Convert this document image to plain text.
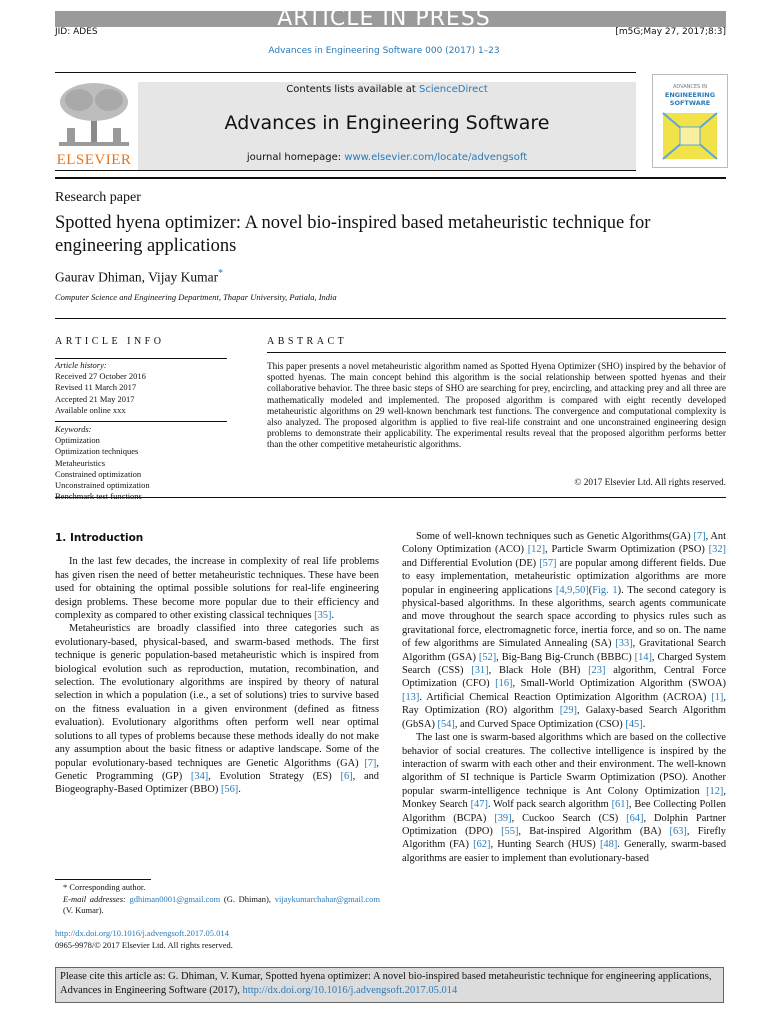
ARTICLE IN PRESS
JID: ADES	[m5G;May 27, 2017;8:3]
Advances in Engineering Software 000 (2017) 1–23
ELSEVIER
Contents lists available at ScienceDirect
Advances in Engineering Software
journal homepage: www.elsevier.com/locate/advengsoft
ADVANCES IN
ENGINEERING
SOFTWARE
Research paper
Spotted hyena optimizer: A novel bio-inspired based metaheuristic technique for engineering applications
Gaurav Dhiman, Vijay Kumar*
Computer Science and Engineering Department, Thapar University, Patiala, India
ARTICLE INFO
Article history:
Received 27 October 2016
Revised 11 March 2017
Accepted 21 May 2017
Available online xxx
Keywords:
Optimization
Optimization techniques
Metaheuristics
Constrained optimization
Unconstrained optimization

ABSTRACT
This paper presents a novel metaheuristic algorithm named as Spotted Hyena Optimizer (SHO) inspired by the behavior of spotted hyenas. The main concept behind this algorithm is the social relationship between spotted hyenas and their collaborative behavior. The three basic steps of SHO are searching for prey, encircling, and attacking prey and all three are mathematically modeled and implemented. The proposed algorithm is compared with eight recently developed metaheuristic algorithms on 29 well-known benchmark test functions. The convergence and computational complexity is also analyzed. The proposed algorithm is applied to five real-life constraint and one unconstrained engineering design problems to demonstrate their applicability. The experimental results reveal that the proposed algorithm performs better than the other competitive metaheuristic algorithms.
© 2017 Elsevier Ltd. All rights reserved.
1. Introduction

In the last few decades, the increase in complexity of real life problems has given risen the need of better metaheuristic techniques. These have been used for obtaining the optimal possible solutions for real-life engineering design problems. These become more popular due to their efficiency and complexity as compared to other existing classical techniques [35].

Metaheuristics are broadly classified into three categories such as evolutionary-based, physical-based, and swarm-based methods. The first technique is generic population-based metaheuristic which is inspired from biological evolution such as reproduction, mutation, recombination, and selection. The evolutionary algorithms are inspired by theory of natural selection in which a population (i.e., a set of solutions) tries to survive based on the fitness evaluation in a given environment (defined as fitness evaluation). Evolutionary algorithms often perform well near optimal solutions to all types of problems because these methods ideally do not make any assumption about the basic fitness or adaptive landscape. Some of the popular evolutionary-based techniques are Genetic Algorithms (GA) [7], Genetic Programming (GP) [34], Evolution Strategy (ES) [6], and Biogeography-Based Optimizer (BBO) [56].

Some of well-known techniques such as Genetic Algorithms(GA) [7], Ant Colony Optimization (ACO) [12], Particle Swarm Optimization (PSO) [32] and Differential Evolution (DE) [57] are popular among different fields. Due to easy implementation, metaheuristic optimization algorithms are more popular in engineering applications [4,9,50](Fig. 1). The second category is physical-based algorithms. In these algorithms, search agents communicate and move throughout the search space according to physics rules such as gravitational force, electromagnetic force, inertia force, and so on. The name of few algorithms are Simulated Annealing (SA) [33], Gravitational Search Algorithm (GSA) [52], Big-Bang Big-Crunch (BBBC) [14], Charged System Search (CSS) [31], Black Hole (BH) [23] algorithm, Central Force Optimization (CFO) [16], Small-World Optimization Algorithm (SWOA) [13]. Artificial Chemical Reaction Optimization Algorithm (ACROA) [1], Ray Optimization (RO) algorithm [29], Galaxy-based Search Algorithm (GbSA) [54], and Curved Space Optimization (CSO) [45].

The last one is swarm-based algorithms which are based on the collective behavior of social creatures. The collective intelligence is inspired by the interaction of swarm with each other and their environment. The well-known algorithm of SI technique is Particle Swarm Optimization (PSO). Another popular swarm-intelligence technique is Ant Colony Optimization [12], Monkey Search [47]. Wolf pack search algorithm [61], Bee Collecting Pollen Algorithm (BCPA) [39], Cuckoo Search (CS) [64], Dolphin Partner Optimization (DPO) [55], Bat-inspired Algorithm (BA) [63], Firefly Algorithm (FA) [62], Hunting Search (HUS) [48]. Generally, swarm-based algorithms are easier to implement than evolutionary-based

* Corresponding author.
E-mail addresses: gdhiman0001@gmail.com (G. Dhiman), vijaykumarchahar@gmail.com (V. Kumar).
http://dx.doi.org/10.1016/j.advengsoft.2017.05.014
0965-9978/© 2017 Elsevier Ltd. All rights reserved.
Please cite this article as: G. Dhiman, V. Kumar, Spotted hyena optimizer: A novel bio-inspired based metaheuristic technique for engineering applications, Advances in Engineering Software (2017), http://dx.doi.org/10.1016/j.advengsoft.2017.05.014
